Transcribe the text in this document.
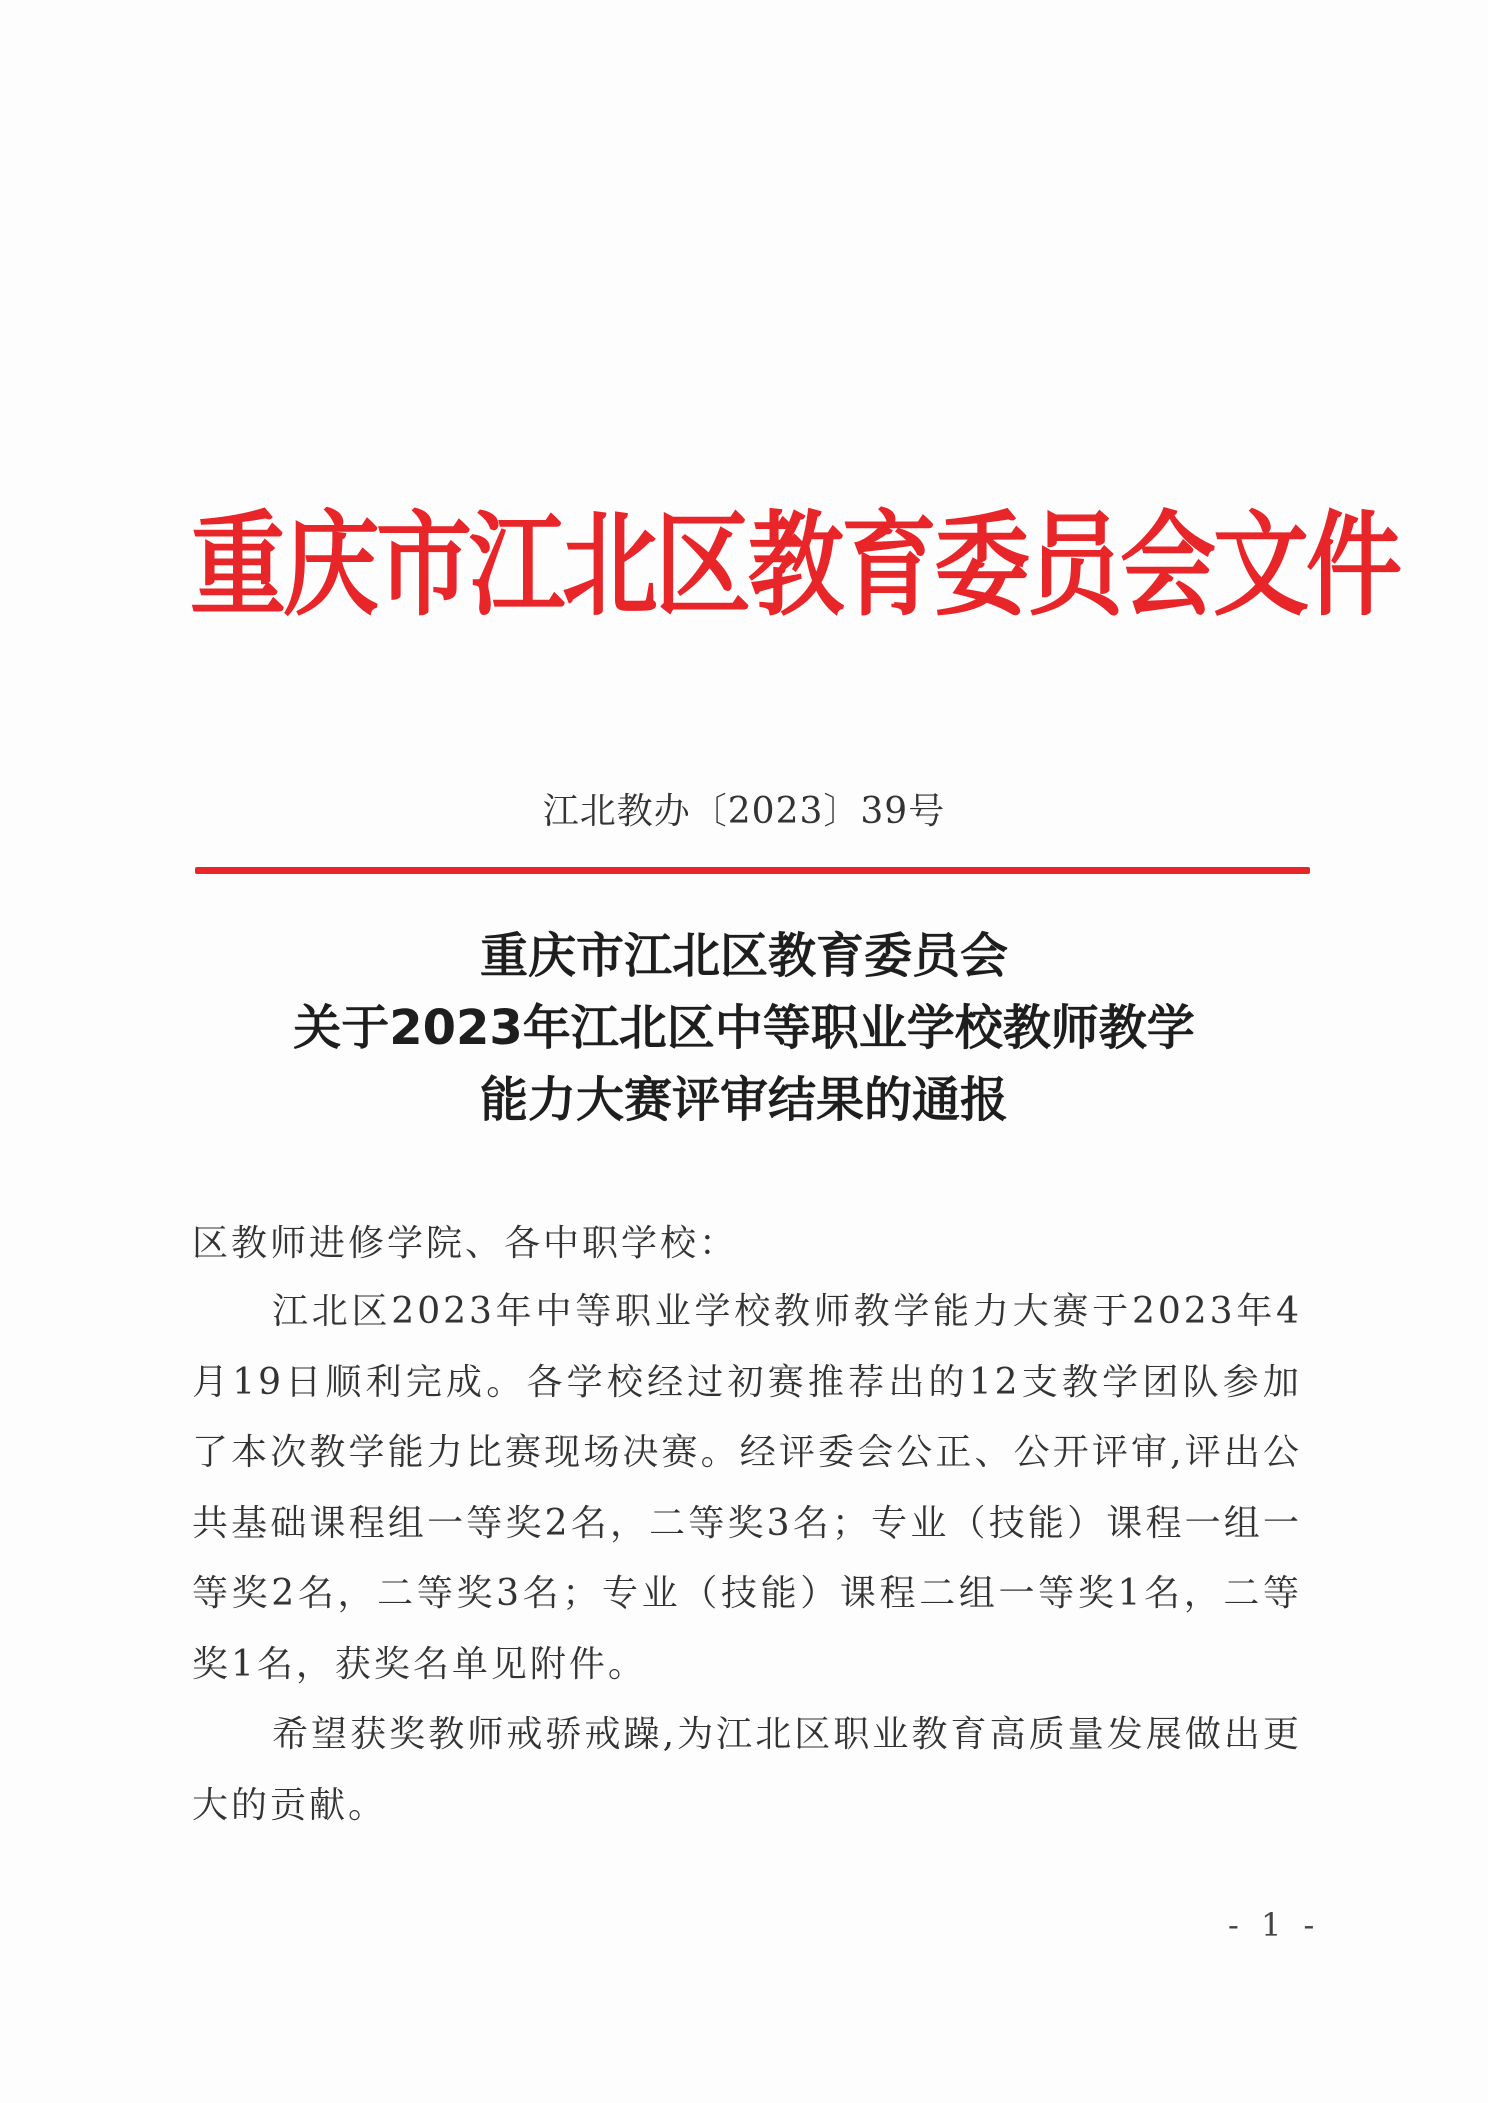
重庆市江北区教育委员会文件
江北教办〔2023〕39号
重庆市江北区教育委员会
关于2023年江北区中等职业学校教师教学
能力大赛评审结果的通报
区教师进修学院、各中职学校：
江北区2023年中等职业学校教师教学能力大赛于2023年4月19日顺利完成。各学校经过初赛推荐出的12支教学团队参加了本次教学能力比赛现场决赛。经评委会公正、公开评审,评出公共基础课程组一等奖2名，二等奖3名；专业（技能）课程一组一等奖2名，二等奖3名；专业（技能）课程二组一等奖1名，二等奖1名，获奖名单见附件。
希望获奖教师戒骄戒躁,为江北区职业教育高质量发展做出更大的贡献。
- 1 -
